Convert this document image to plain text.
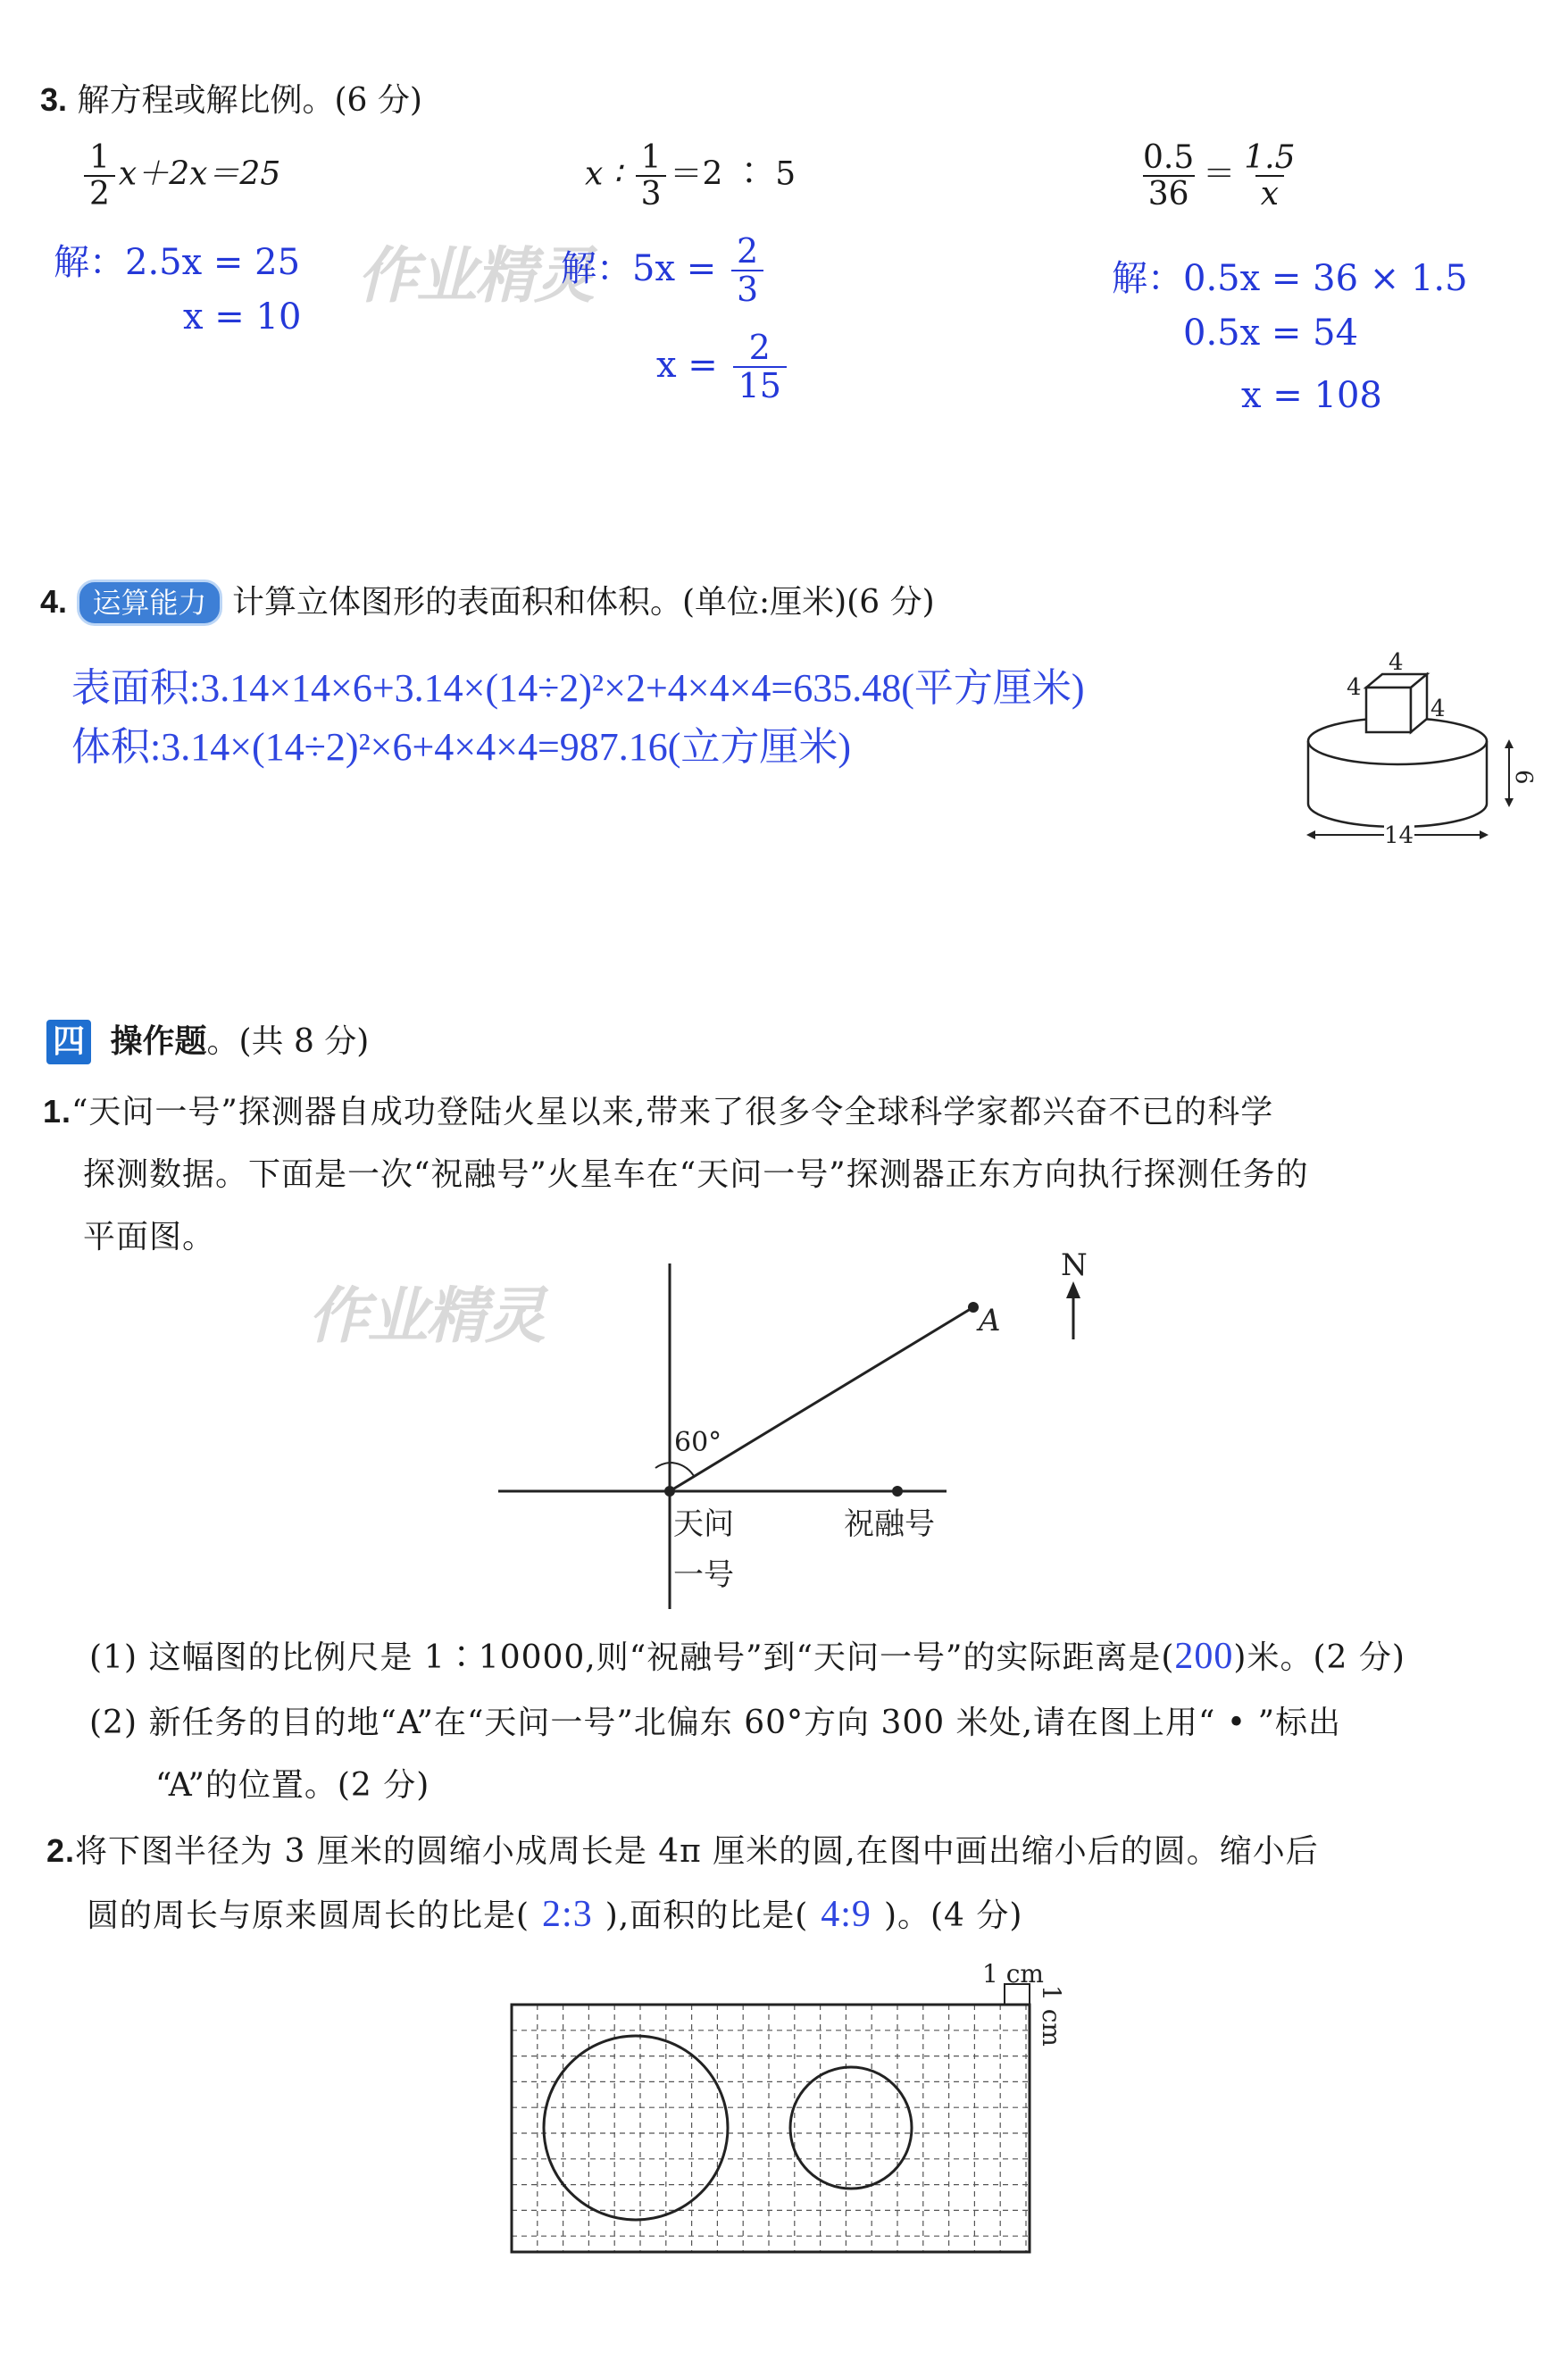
作业精灵
作业精灵
3. 解方程或解比例。(6 分)
$\frac{1}{2} x+2x=25$
解：2.5x = 25
x = 10
x ∶ $\frac{1}{3} =2$ ∶ 5
解：$5x = \frac{2}{3}$
$x = \frac{2}{15}$
$\frac{0.5}{36} = \frac{1.5}{x}$
解：0.5x = 36 × 1.5
0.5x = 54
x = 108
4. 运算能力 计算立体图形的表面积和体积。(单位:厘米)(6 分)
表面积:3.14×14×6+3.14×(14÷2)²×2+4×4×4=635.48(平方厘米)
体积:3.14×(14÷2)²×6+4×4×4=987.16(立方厘米)
4
4
4
6
14
四 操作题。(共 8 分)
1.“天问一号”探测器自成功登陆火星以来,带来了很多令全球科学家都兴奋不已的科学
探测数据。下面是一次“祝融号”火星车在“天问一号”探测器正东方向执行探测任务的
平面图。
60°
A
N
天问
一号
祝融号
(1) 这幅图的比例尺是 1∶10000,则“祝融号”到“天问一号”的实际距离是(200)米。(2 分)
(2) 新任务的目的地“A”在“天问一号”北偏东 60°方向 300 米处,请在图上用“ • ”标出
“A”的位置。(2 分)
2.将下图半径为 3 厘米的圆缩小成周长是 4π 厘米的圆,在图中画出缩小后的圆。缩小后
圆的周长与原来圆周长的比是( 2:3 ),面积的比是( 4:9 )。(4 分)
1 cm
1 cm
